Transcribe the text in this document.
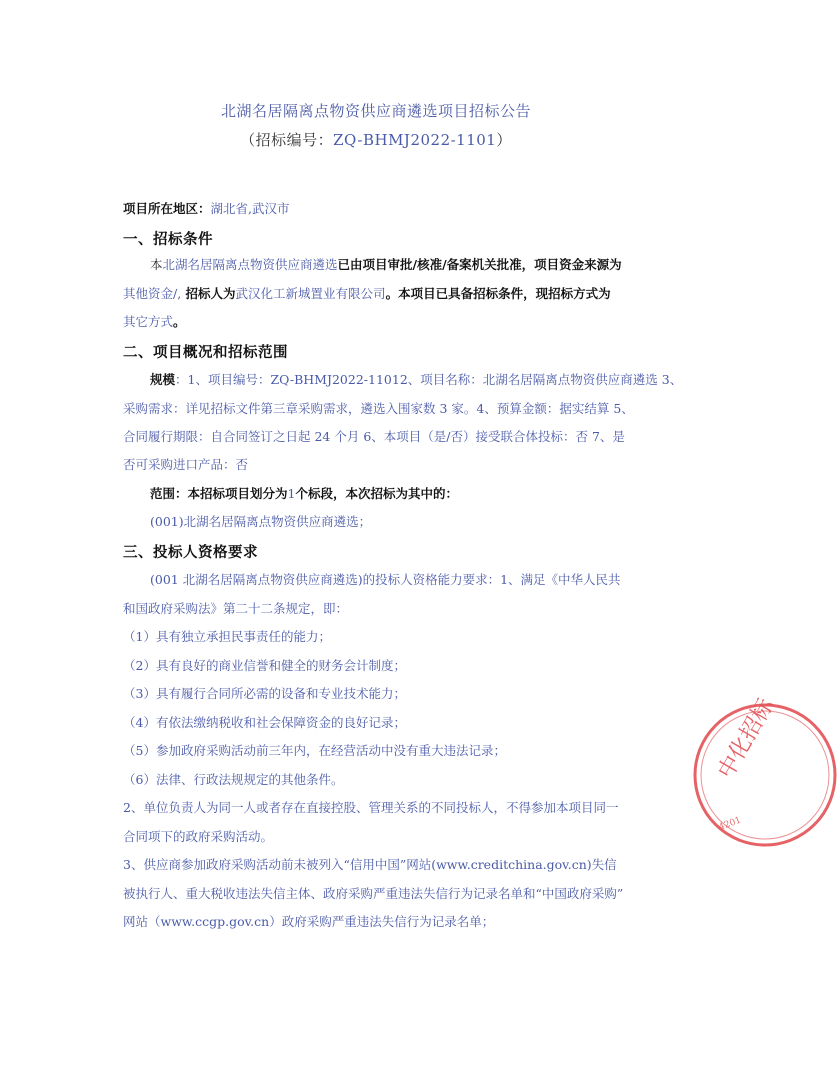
北湖名居隔离点物资供应商遴选项目招标公告
（招标编号：ZQ-BHMJ2022-1101）
项目所在地区：湖北省,武汉市
一、招标条件
本北湖名居隔离点物资供应商遴选已由项目审批/核准/备案机关批准，项目资金来源为
其他资金/, 招标人为武汉化工新城置业有限公司。本项目已具备招标条件，现招标方式为
其它方式。
二、项目概况和招标范围
规模：1、项目编号：ZQ-BHMJ2022-11012、项目名称：北湖名居隔离点物资供应商遴选 3、
采购需求：详见招标文件第三章采购需求，遴选入围家数 3 家。4、预算金额：据实结算 5、
合同履行期限：自合同签订之日起 24 个月 6、本项目（是/否）接受联合体投标：否 7、是
否可采购进口产品：否
范围：本招标项目划分为1个标段，本次招标为其中的：
(001)北湖名居隔离点物资供应商遴选；
三、投标人资格要求
(001 北湖名居隔离点物资供应商遴选)的投标人资格能力要求：1、满足《中华人民共
和国政府采购法》第二十二条规定，即：
（1）具有独立承担民事责任的能力；
（2）具有良好的商业信誉和健全的财务会计制度；
（3）具有履行合同所必需的设备和专业技术能力；
（4）有依法缴纳税收和社会保障资金的良好记录；
（5）参加政府采购活动前三年内，在经营活动中没有重大违法记录；
（6）法律、行政法规规定的其他条件。
2、单位负责人为同一人或者存在直接控股、管理关系的不同投标人，不得参加本项目同一
合同项下的政府采购活动。
3、供应商参加政府采购活动前未被列入“信用中国”网站(www.creditchina.gov.cn)失信
被执行人、重大税收违法失信主体、政府采购严重违法失信行为记录名单和“中国政府采购”
网站（www.ccgp.gov.cn）政府采购严重违法失信行为记录名单；
中化招标
4201
